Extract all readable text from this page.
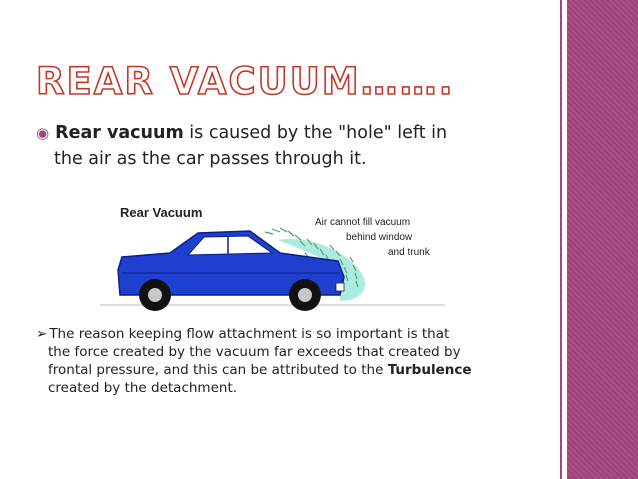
REAR VACUUM…….
◉ Rear vacuum is caused by the "hole" left in
the air as the car passes through it.
Rear Vacuum
Air cannot fill vacuum
behind window
and trunk
➢ The reason keeping flow attachment is so important is that
the force created by the vacuum far exceeds that created by
frontal pressure, and this can be attributed to the Turbulence
created by the detachment.
